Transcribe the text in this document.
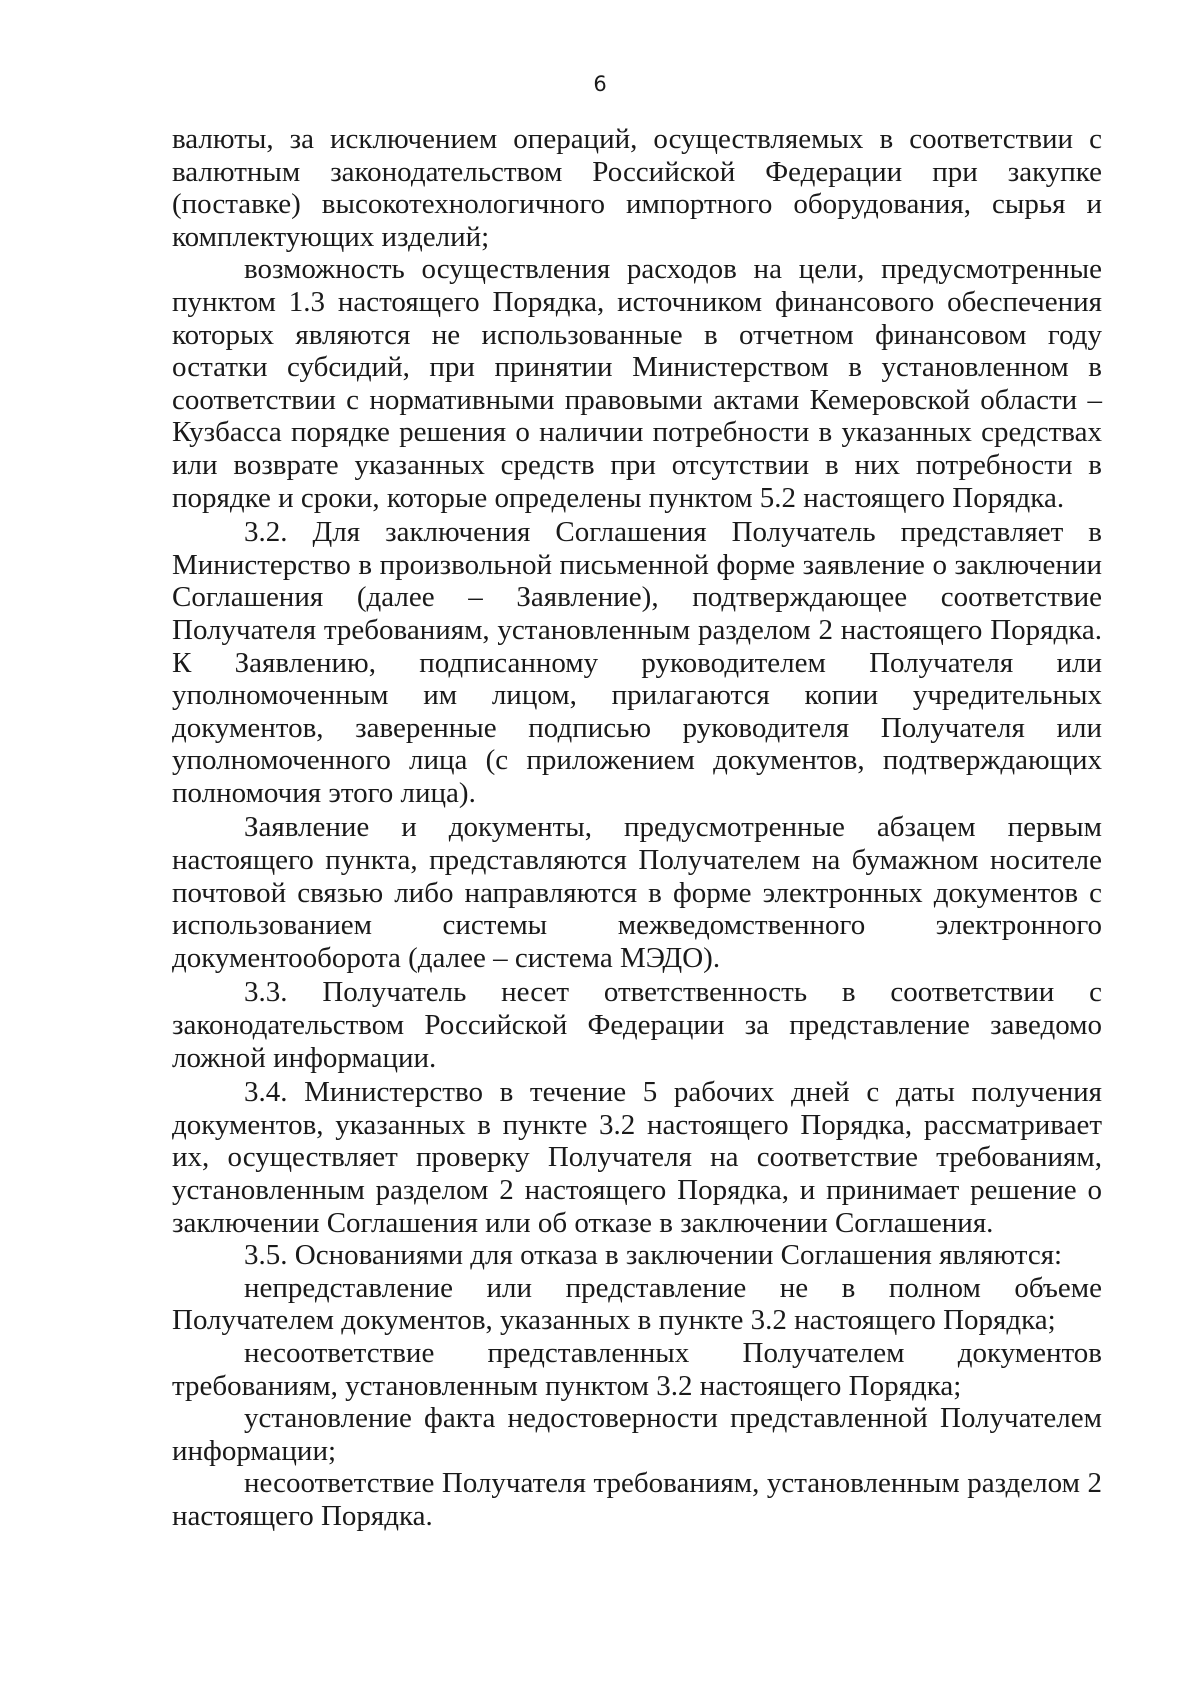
6

валюты, за исключением операций, осуществляемых в соответствии с валютным законодательством Российской Федерации при закупке (поставке) высокотехнологичного импортного оборудования, сырья и комплектующих изделий;

возможность осуществления расходов на цели, предусмотренные пунктом 1.3 настоящего Порядка, источником финансового обеспечения которых являются не использованные в отчетном финансовом году остатки субсидий, при принятии Министерством в установленном в соответствии с нормативными правовыми актами Кемеровской области – Кузбасса порядке решения о наличии потребности в указанных средствах или возврате указанных средств при отсутствии в них потребности в порядке и сроки, которые определены пунктом 5.2 настоящего Порядка.

3.2. Для заключения Соглашения Получатель представляет в Министерство в произвольной письменной форме заявление о заключении Соглашения (далее – Заявление), подтверждающее соответствие Получателя требованиям, установленным разделом 2 настоящего Порядка. К Заявлению, подписанному руководителем Получателя или уполномоченным им лицом, прилагаются копии учредительных документов, заверенные подписью руководителя Получателя или уполномоченного лица (с приложением документов, подтверждающих полномочия этого лица).

Заявление и документы, предусмотренные абзацем первым настоящего пункта, представляются Получателем на бумажном носителе почтовой связью либо направляются в форме электронных документов с использованием системы межведомственного электронного документооборота (далее – система МЭДО).

3.3. Получатель несет ответственность в соответствии с законодательством Российской Федерации за представление заведомо ложной информации.

3.4. Министерство в течение 5 рабочих дней с даты получения документов, указанных в пункте 3.2 настоящего Порядка, рассматривает их, осуществляет проверку Получателя на соответствие требованиям, установленным разделом 2 настоящего Порядка, и принимает решение о заключении Соглашения или об отказе в заключении Соглашения.

3.5. Основаниями для отказа в заключении Соглашения являются:

непредставление или представление не в полном объеме Получателем документов, указанных в пункте 3.2 настоящего Порядка;

несоответствие представленных Получателем документов требованиям, установленным пунктом 3.2 настоящего Порядка;

установление факта недостоверности представленной Получателем информации;

несоответствие Получателя требованиям, установленным разделом 2 настоящего Порядка.
